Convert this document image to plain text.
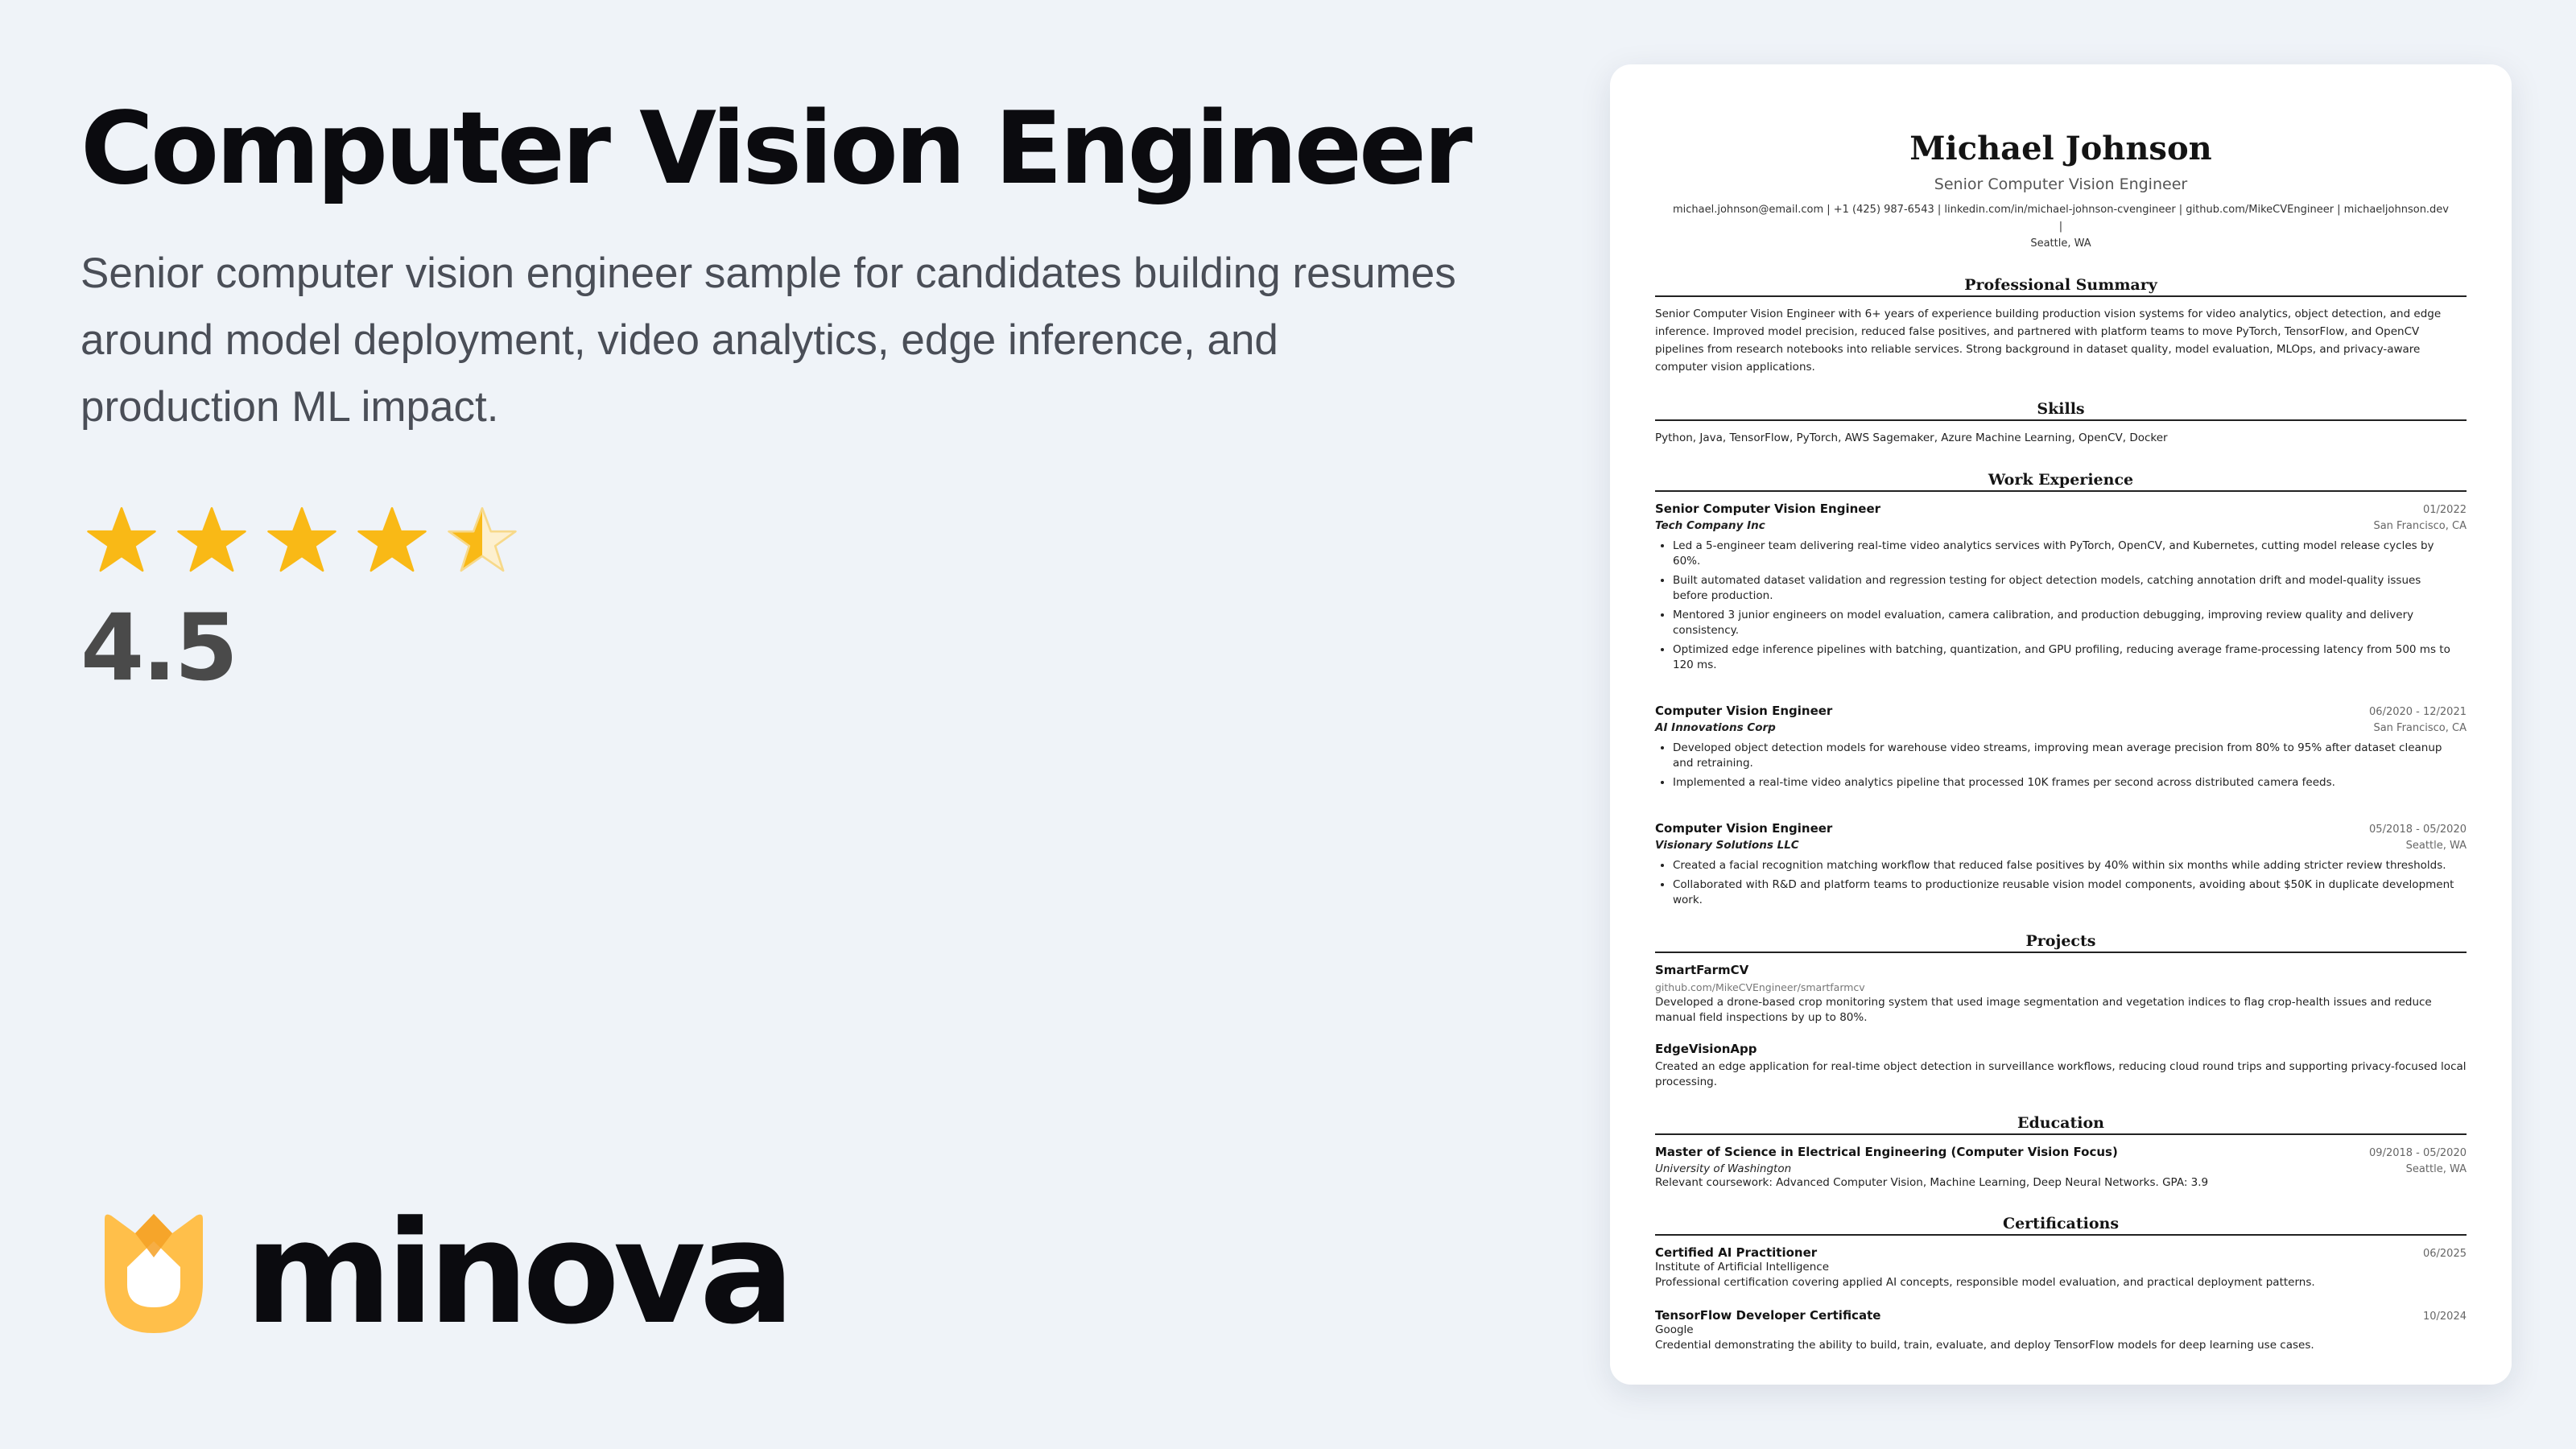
Computer Vision Engineer

Senior computer vision engineer sample for candidates building resumes around model deployment, video analytics, edge inference, and production ML impact.

4.5
minova
Michael Johnson
Senior Computer Vision Engineer
michael.johnson@email.com | +1 (425) 987-6543 | linkedin.com/in/michael-johnson-cvengineer | github.com/MikeCVEngineer | michaeljohnson.dev |
Seattle, WA
Professional Summary
Senior Computer Vision Engineer with 6+ years of experience building production vision systems for video analytics, object detection, and edge inference. Improved model precision, reduced false positives, and partnered with platform teams to move PyTorch, TensorFlow, and OpenCV pipelines from research notebooks into reliable services. Strong background in dataset quality, model evaluation, MLOps, and privacy-aware computer vision applications.
Skills
Python, Java, TensorFlow, PyTorch, AWS Sagemaker, Azure Machine Learning, OpenCV, Docker
Work Experience
Senior Computer Vision Engineer	01/2022
Tech Company Inc	San Francisco, CA
• Led a 5-engineer team delivering real-time video analytics services with PyTorch, OpenCV, and Kubernetes, cutting model release cycles by 60%.
• Built automated dataset validation and regression testing for object detection models, catching annotation drift and model-quality issues before production.
• Mentored 3 junior engineers on model evaluation, camera calibration, and production debugging, improving review quality and delivery consistency.
• Optimized edge inference pipelines with batching, quantization, and GPU profiling, reducing average frame-processing latency from 500 ms to 120 ms.
Computer Vision Engineer	06/2020 - 12/2021
AI Innovations Corp	San Francisco, CA
• Developed object detection models for warehouse video streams, improving mean average precision from 80% to 95% after dataset cleanup and retraining.
• Implemented a real-time video analytics pipeline that processed 10K frames per second across distributed camera feeds.
Computer Vision Engineer	05/2018 - 05/2020
Visionary Solutions LLC	Seattle, WA
• Created a facial recognition matching workflow that reduced false positives by 40% within six months while adding stricter review thresholds.
• Collaborated with R&D and platform teams to productionize reusable vision model components, avoiding about $50K in duplicate development work.
Projects
SmartFarmCV
github.com/MikeCVEngineer/smartfarmcv
Developed a drone-based crop monitoring system that used image segmentation and vegetation indices to flag crop-health issues and reduce manual field inspections by up to 80%.
EdgeVisionApp
Created an edge application for real-time object detection in surveillance workflows, reducing cloud round trips and supporting privacy-focused local processing.
Education
Master of Science in Electrical Engineering (Computer Vision Focus)	09/2018 - 05/2020
University of Washington	Seattle, WA
Relevant coursework: Advanced Computer Vision, Machine Learning, Deep Neural Networks. GPA: 3.9
Certifications
Certified AI Practitioner	06/2025
Institute of Artificial Intelligence
Professional certification covering applied AI concepts, responsible model evaluation, and practical deployment patterns.
TensorFlow Developer Certificate	10/2024
Google
Credential demonstrating the ability to build, train, evaluate, and deploy TensorFlow models for deep learning use cases.
